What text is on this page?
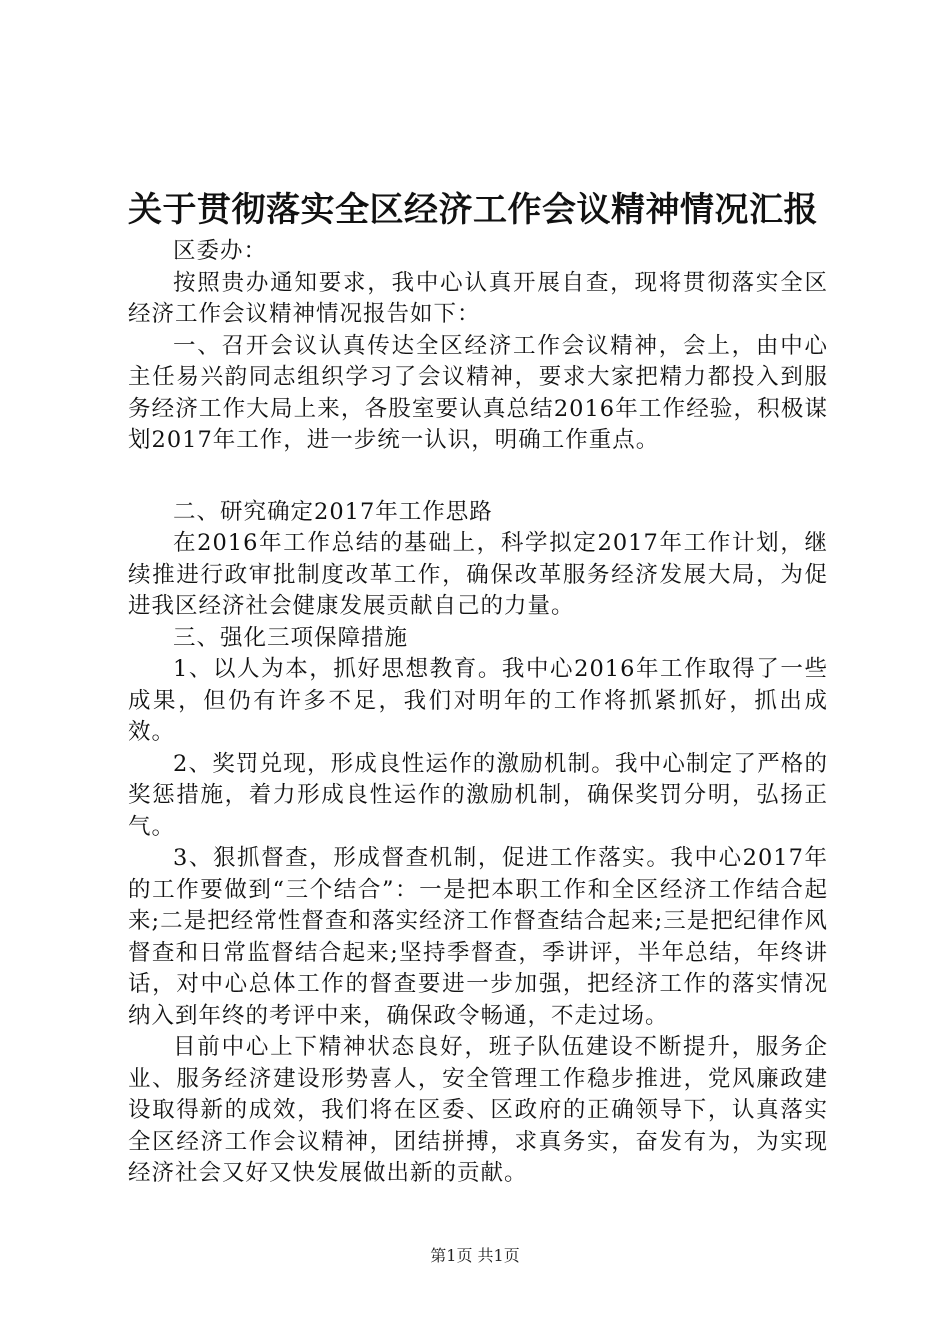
关于贯彻落实全区经济工作会议精神情况汇报

区委办：

按照贵办通知要求，我中心认真开展自查，现将贯彻落实全区经济工作会议精神情况报告如下：

一、召开会议认真传达全区经济工作会议精神，会上，由中心主任易兴韵同志组织学习了会议精神，要求大家把精力都投入到服务经济工作大局上来，各股室要认真总结2016年工作经验，积极谋划2017年工作，进一步统一认识，明确工作重点。

二、研究确定2017年工作思路

在2016年工作总结的基础上，科学拟定2017年工作计划，继续推进行政审批制度改革工作，确保改革服务经济发展大局，为促进我区经济社会健康发展贡献自己的力量。

三、强化三项保障措施

1、以人为本，抓好思想教育。我中心2016年工作取得了一些成果，但仍有许多不足，我们对明年的工作将抓紧抓好，抓出成效。

2、奖罚兑现，形成良性运作的激励机制。我中心制定了严格的奖惩措施，着力形成良性运作的激励机制，确保奖罚分明，弘扬正气。

3、狠抓督查，形成督查机制，促进工作落实。我中心2017年的工作要做到“三个结合”：一是把本职工作和全区经济工作结合起来;二是把经常性督查和落实经济工作督查结合起来;三是把纪律作风督查和日常监督结合起来;坚持季督查，季讲评，半年总结，年终讲话，对中心总体工作的督查要进一步加强，把经济工作的落实情况纳入到年终的考评中来，确保政令畅通，不走过场。

目前中心上下精神状态良好，班子队伍建设不断提升，服务企业、服务经济建设形势喜人，安全管理工作稳步推进，党风廉政建设取得新的成效，我们将在区委、区政府的正确领导下，认真落实全区经济工作会议精神，团结拼搏，求真务实，奋发有为，为实现经济社会又好又快发展做出新的贡献。

第1页 共1页
